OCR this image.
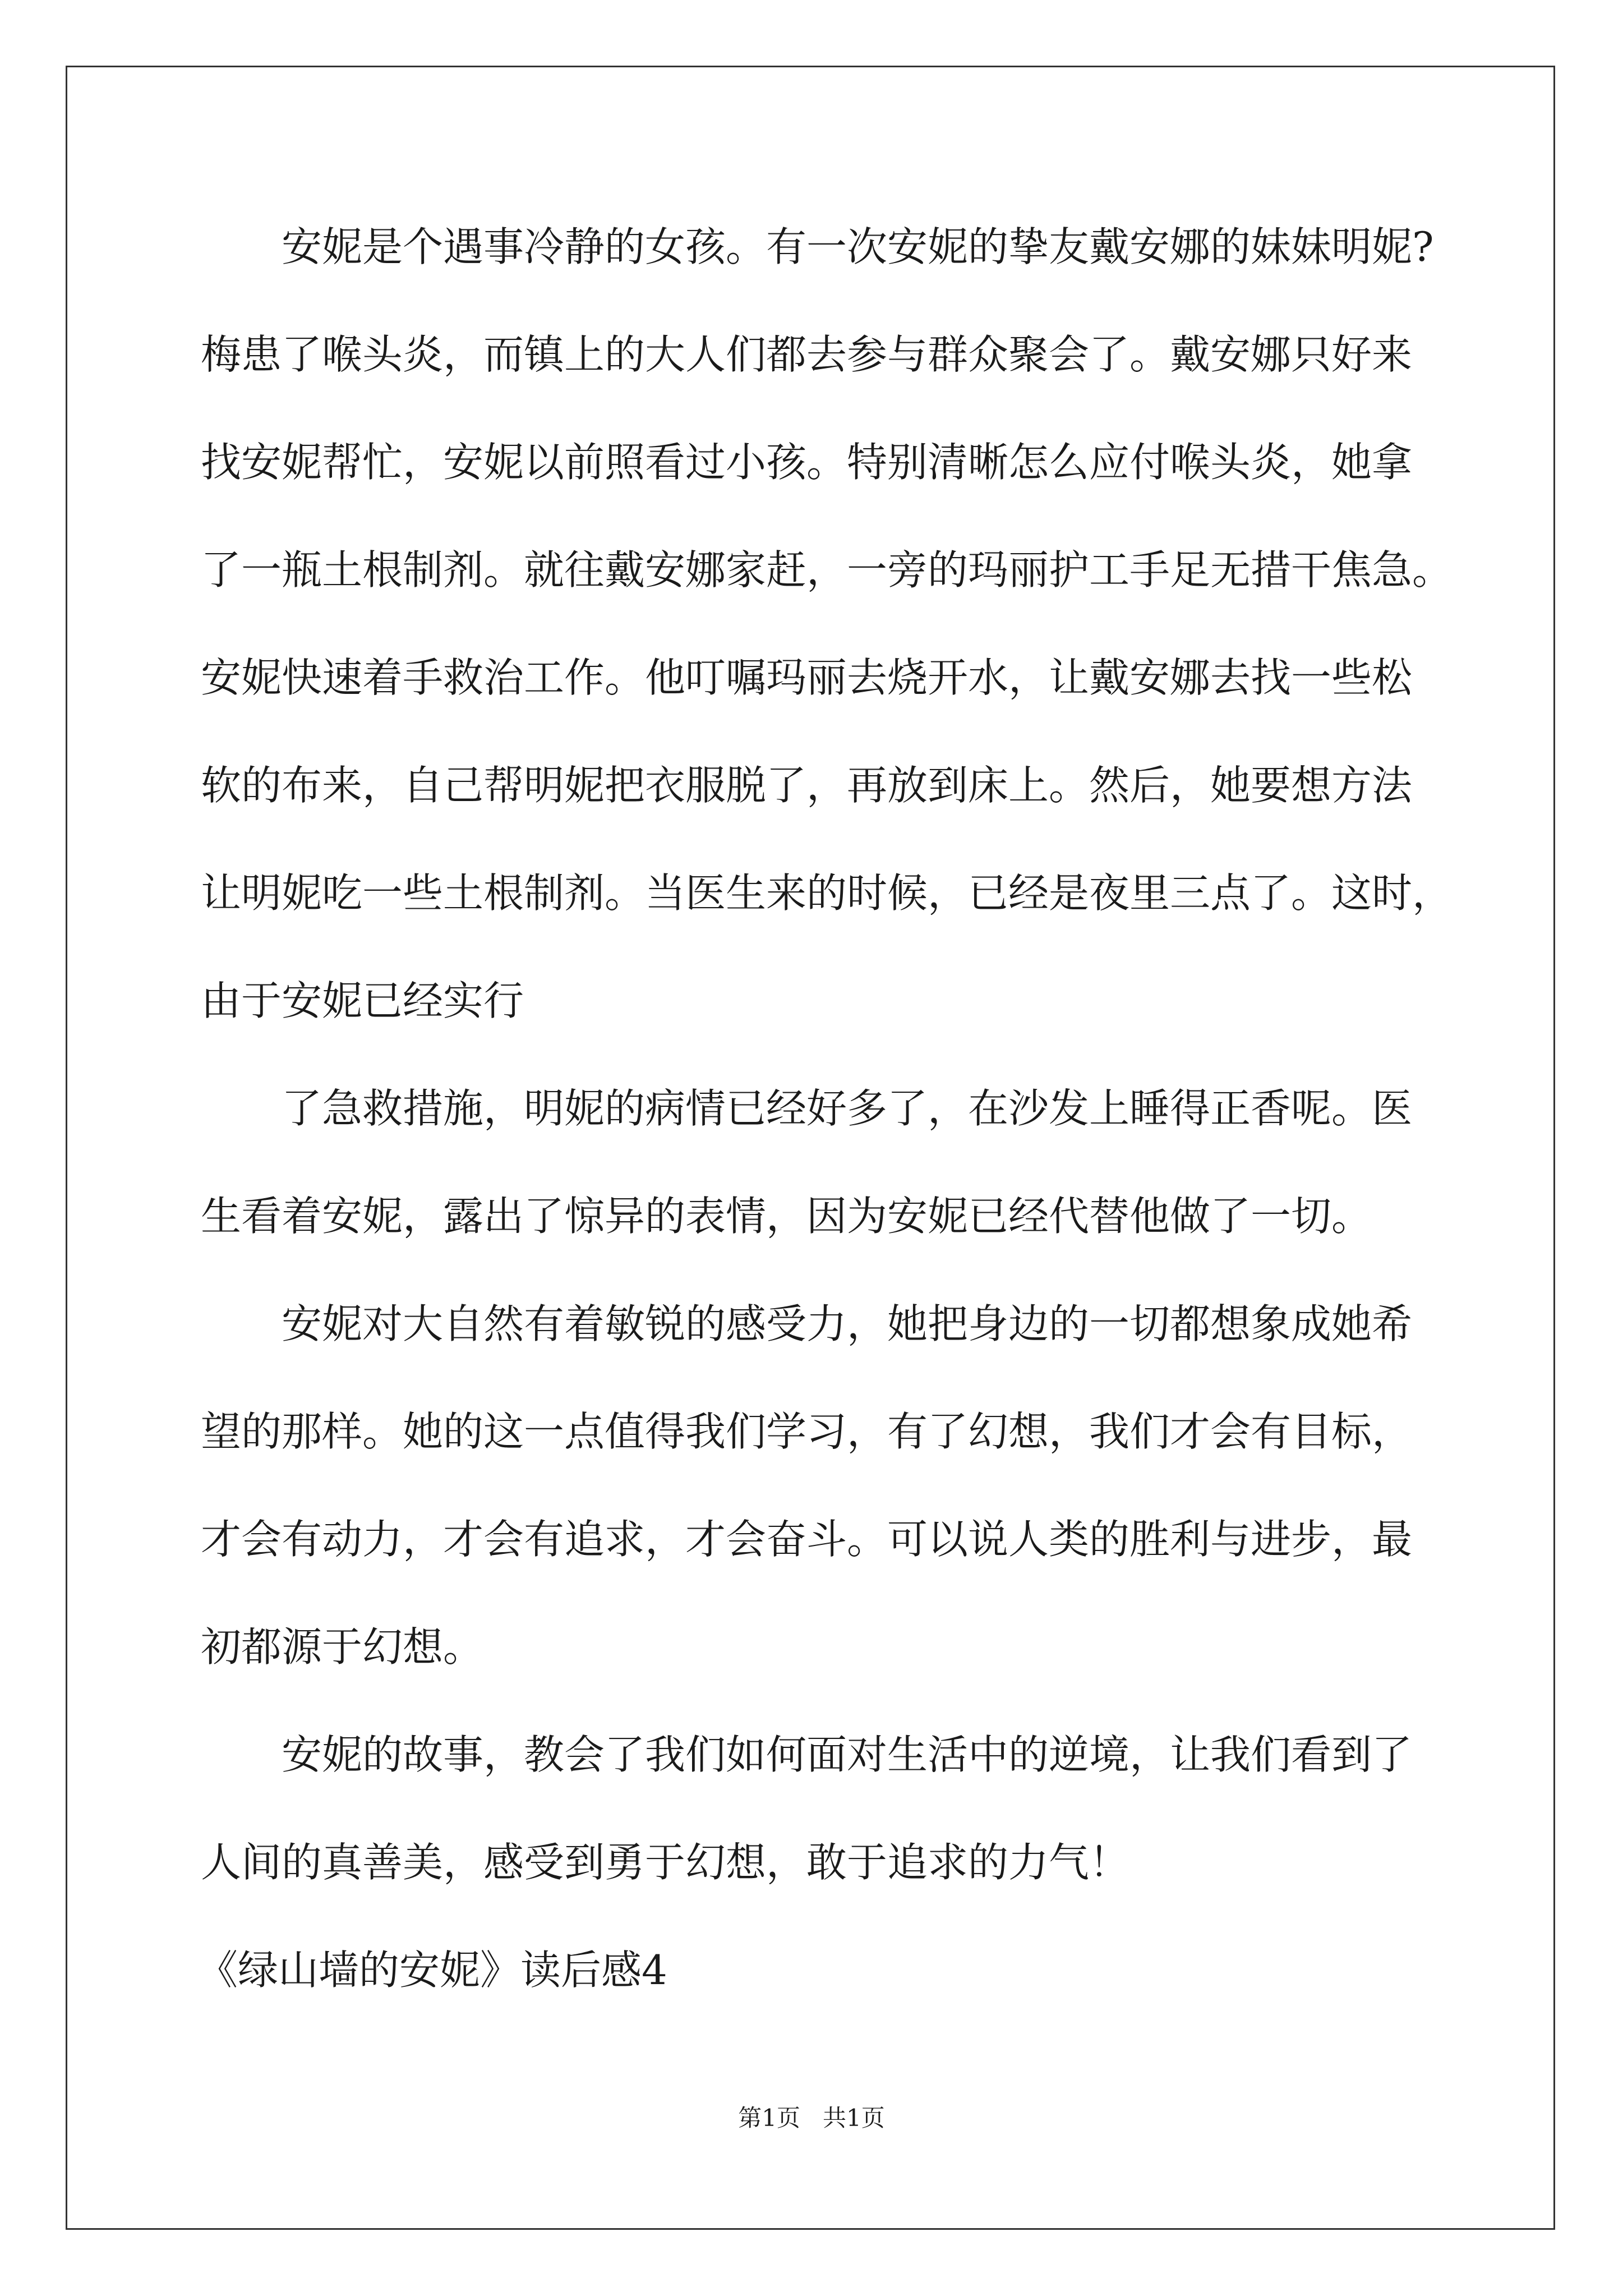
安妮是个遇事冷静的女孩。有一次安妮的挚友戴安娜的妹妹明妮?
梅患了喉头炎，而镇上的大人们都去参与群众聚会了。戴安娜只好来
找安妮帮忙，安妮以前照看过小孩。特别清晰怎么应付喉头炎，她拿
了一瓶土根制剂。就往戴安娜家赶，一旁的玛丽护工手足无措干焦急。
安妮快速着手救治工作。他叮嘱玛丽去烧开水，让戴安娜去找一些松
软的布来，自己帮明妮把衣服脱了，再放到床上。然后，她要想方法
让明妮吃一些土根制剂。当医生来的时候，已经是夜里三点了。这时，
由于安妮已经实行
了急救措施，明妮的病情已经好多了，在沙发上睡得正香呢。医
生看着安妮，露出了惊异的表情，因为安妮已经代替他做了一切。
安妮对大自然有着敏锐的感受力，她把身边的一切都想象成她希
望的那样。她的这一点值得我们学习，有了幻想，我们才会有目标，
才会有动力，才会有追求，才会奋斗。可以说人类的胜利与进步，最
初都源于幻想。
安妮的故事，教会了我们如何面对生活中的逆境，让我们看到了
人间的真善美，感受到勇于幻想，敢于追求的力气！
《绿山墙的安妮》读后感4
第1页   共1页
